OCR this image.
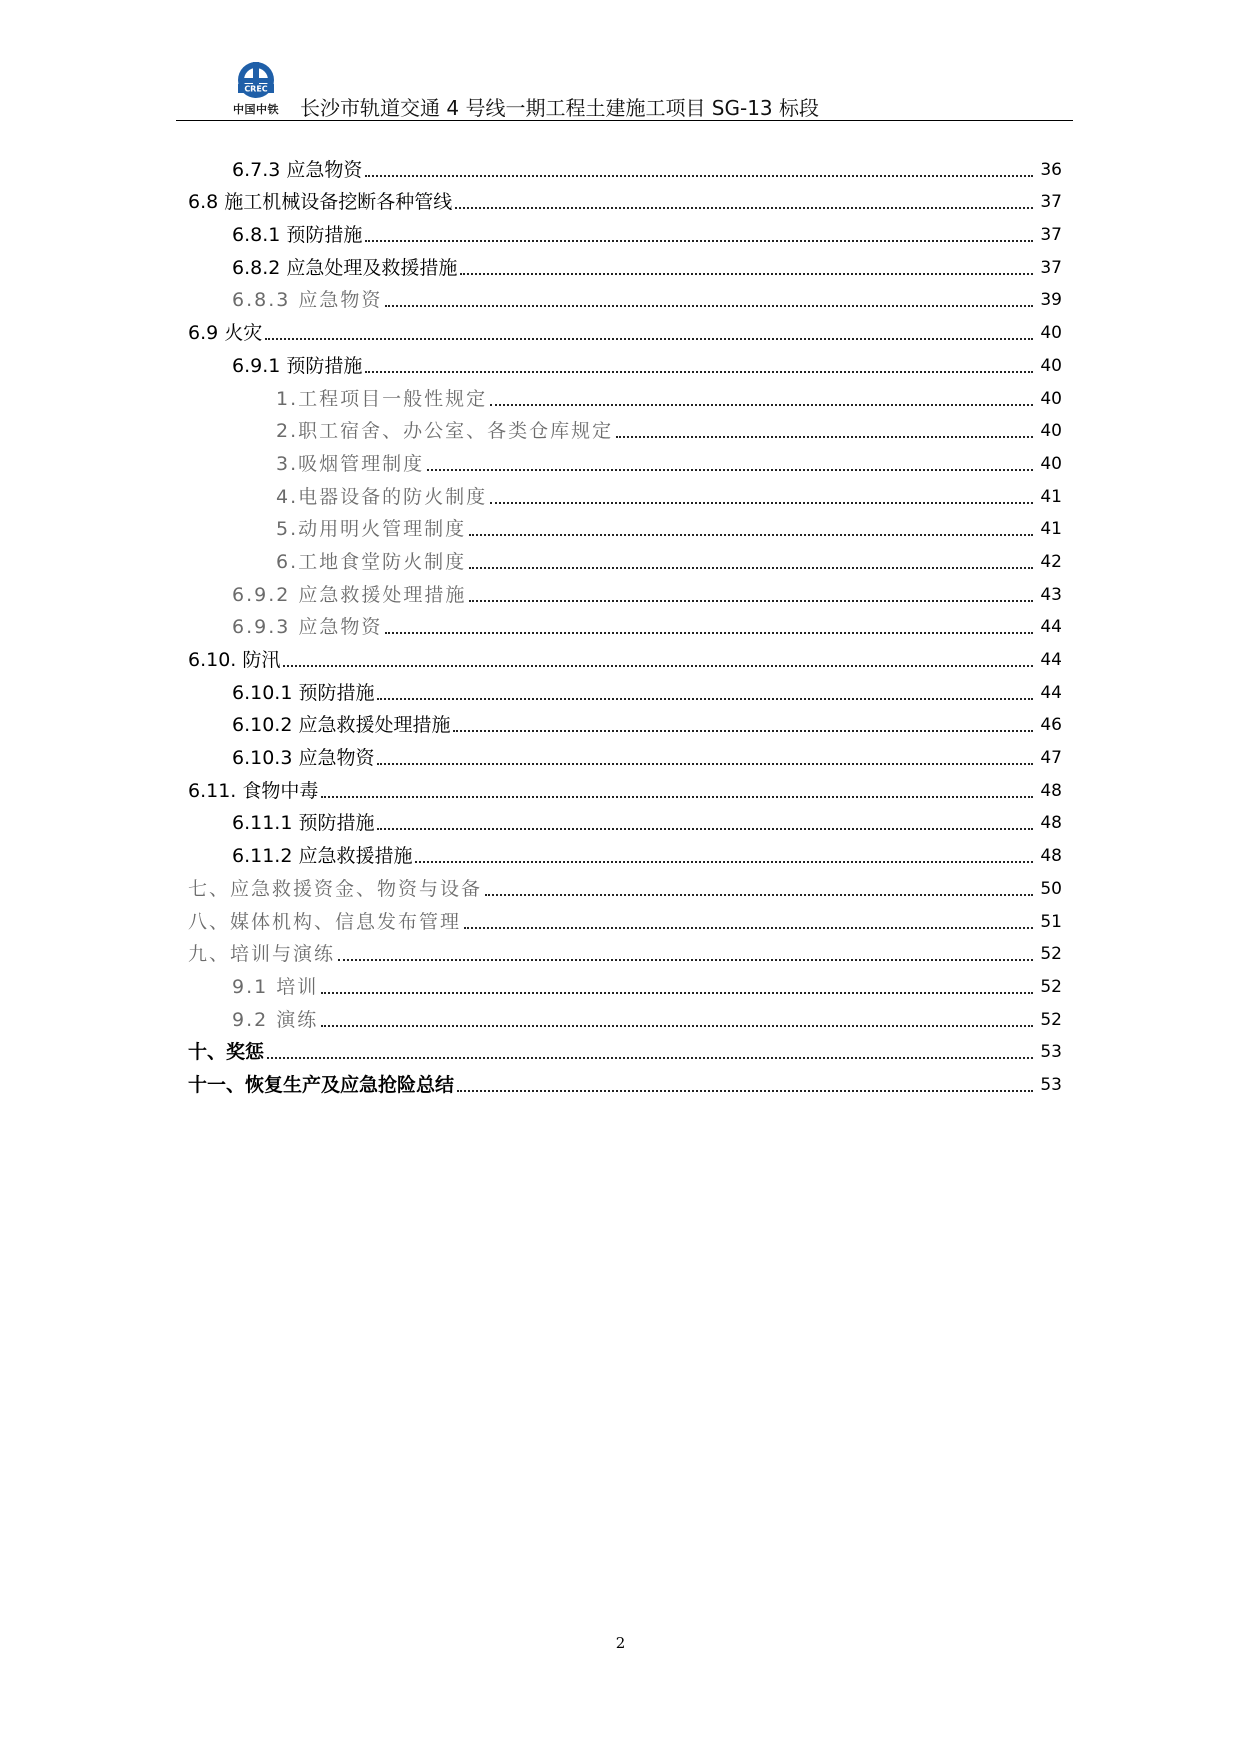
CREC
中国中铁	长沙市轨道交通 4 号线一期工程土建施工项目 SG-13 标段
6.7.3 应急物资	36
6.8 施工机械设备挖断各种管线	37
6.8.1 预防措施	37
6.8.2 应急处理及救援措施	37
6.8.3 应急物资	39
6.9 火灾	40
6.9.1 预防措施	40
1.工程项目一般性规定	40
2.职工宿舍、办公室、各类仓库规定	40
3.吸烟管理制度	40
4.电器设备的防火制度	41
5.动用明火管理制度	41
6.工地食堂防火制度	42
6.9.2 应急救援处理措施	43
6.9.3 应急物资	44
6.10. 防汛	44
6.10.1 预防措施	44
6.10.2 应急救援处理措施	46
6.10.3 应急物资	47
6.11. 食物中毒	48
6.11.1 预防措施	48
6.11.2 应急救援措施	48
七、应急救援资金、物资与设备	50
八、媒体机构、信息发布管理	51
九、培训与演练	52
9.1 培训	52
9.2 演练	52
十、奖惩	53
十一、恢复生产及应急抢险总结	53
2
